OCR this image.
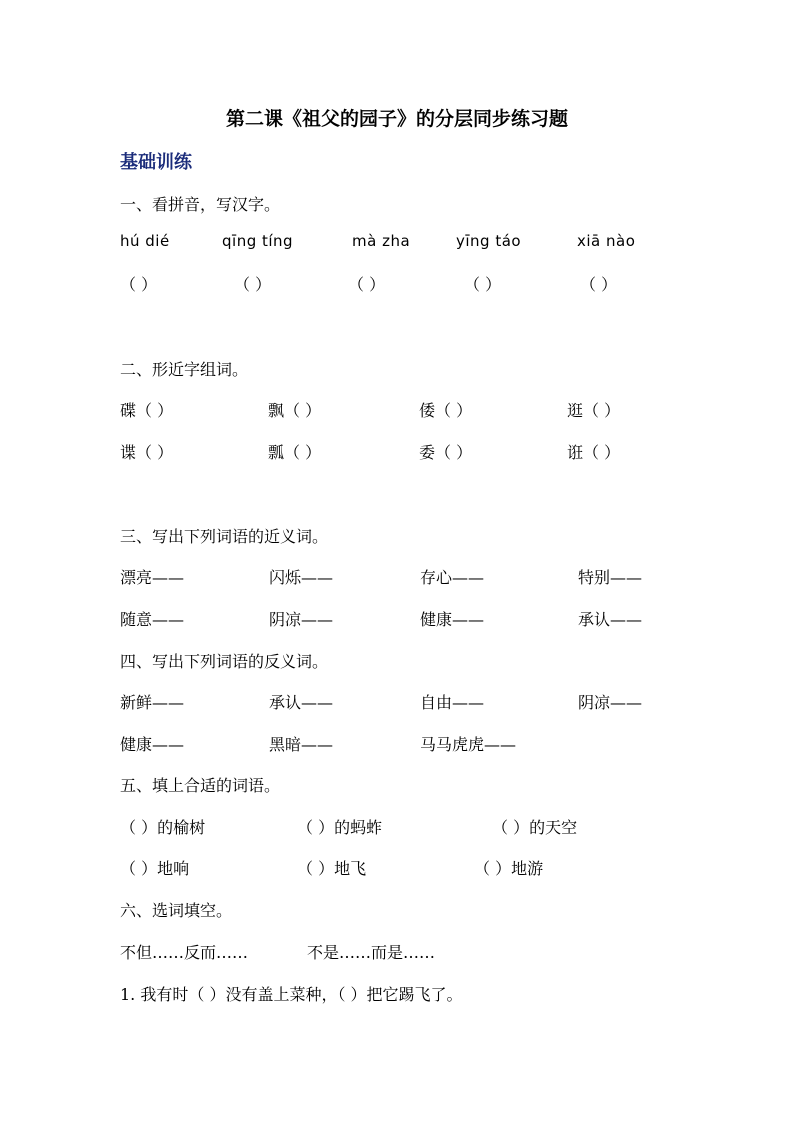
第二课《祖父的园子》的分层同步练习题
基础训练
一、看拼音，写汉字。
hú dié	qīng tíng	mà zha	yīng táo	xiā nào
（ ）	（ ）	（ ）	（ ）	（ ）
二、形近字组词。
碟（ ）	飘（ ）	倭（ ）	逛（ ）
谍（ ）	瓢（ ）	委（ ）	诳（ ）
三、写出下列词语的近义词。
漂亮——	闪烁——	存心——	特别——
随意——	阴凉——	健康——	承认——
四、写出下列词语的反义词。
新鲜——	承认——	自由——	阴凉——
健康——	黑暗——	马马虎虎——
五、填上合适的词语。
（ ）的榆树	（ ）的蚂蚱	（ ）的天空
（ ）地响	（ ）地飞	（ ）地游
六、选词填空。
不但……反而……	不是……而是……
1. 我有时（ ）没有盖上菜种，（ ）把它踢飞了。
